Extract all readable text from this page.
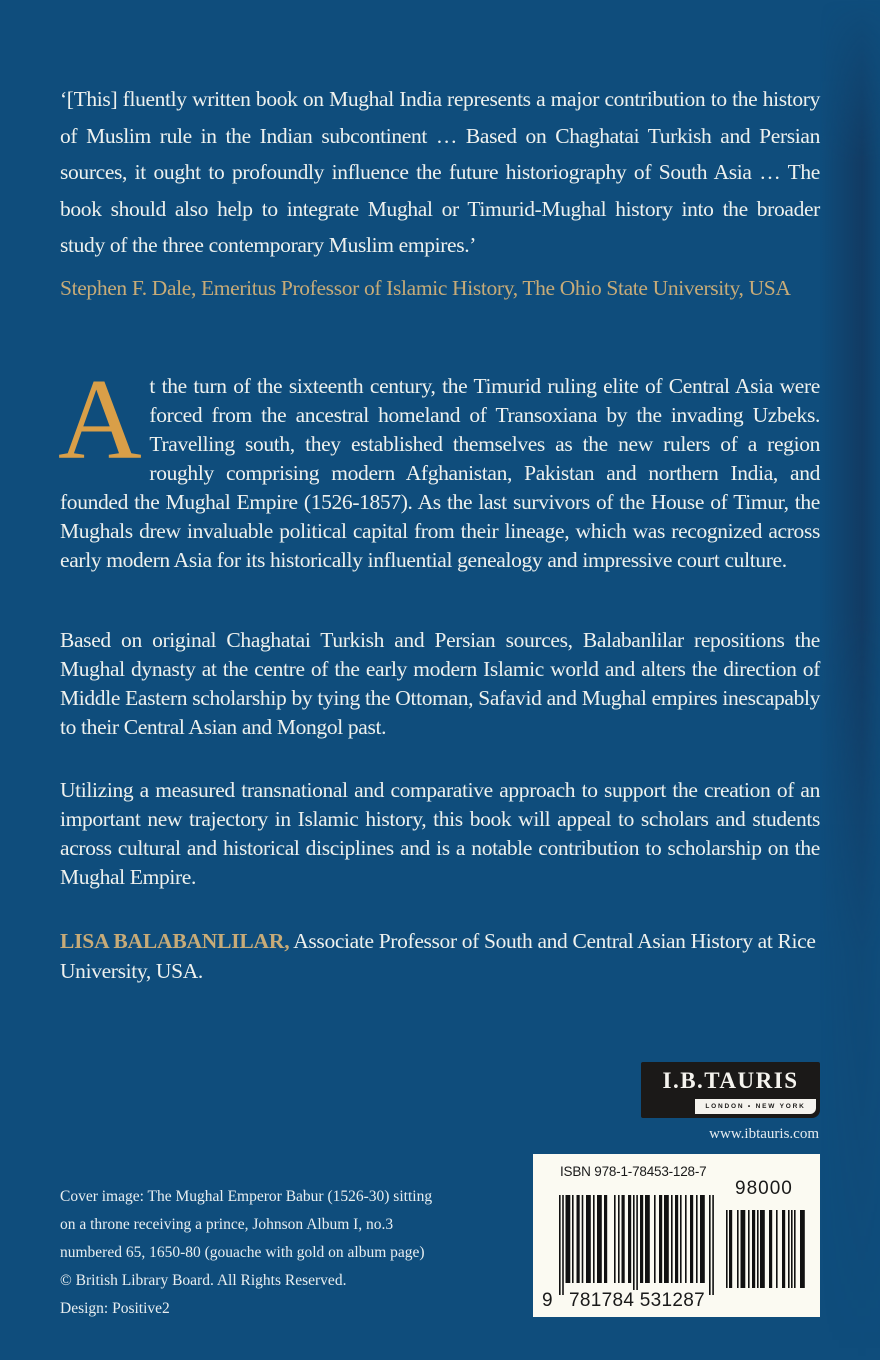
‘[This] fluently written book on Mughal India represents a major contribution to the history of Muslim rule in the Indian subcontinent … Based on Chaghatai Turkish and Persian sources, it ought to profoundly influence the future historiography of South Asia … The book should also help to integrate Mughal or Timurid-Mughal history into the broader study of the three contemporary Muslim empires.’
Stephen F. Dale, Emeritus Professor of Islamic History, The Ohio State University, USA
A t the turn of the sixteenth century, the Timurid ruling elite of Central Asia were forced from the ancestral homeland of Transoxiana by the invading Uzbeks. Travelling south, they established themselves as the new rulers of a region roughly comprising modern Afghanistan, Pakistan and northern India, and founded the Mughal Empire (1526-1857). As the last survivors of the House of Timur, the Mughals drew invaluable political capital from their lineage, which was recognized across early modern Asia for its historically influential genealogy and impressive court culture.
Based on original Chaghatai Turkish and Persian sources, Balabanlilar repositions the Mughal dynasty at the centre of the early modern Islamic world and alters the direction of Middle Eastern scholarship by tying the Ottoman, Safavid and Mughal empires inescapably to their Central Asian and Mongol past.
Utilizing a measured transnational and comparative approach to support the creation of an important new trajectory in Islamic history, this book will appeal to scholars and students across cultural and historical disciplines and is a notable contribution to scholarship on the Mughal Empire.
LISA BALABANLILAR, Associate Professor of South and Central Asian History at Rice University, USA.
I.B.TAURIS
LONDON • NEW YORK
www.ibtauris.com
Cover image: The Mughal Emperor Babur (1526-30) sitting
on a throne receiving a prince, Johnson Album I, no.3
numbered 65, 1650-80 (gouache with gold on album page)
© British Library Board. All Rights Reserved.
Design: Positive2
ISBN 978-1-78453-128-7
98000
9 781784 531287
